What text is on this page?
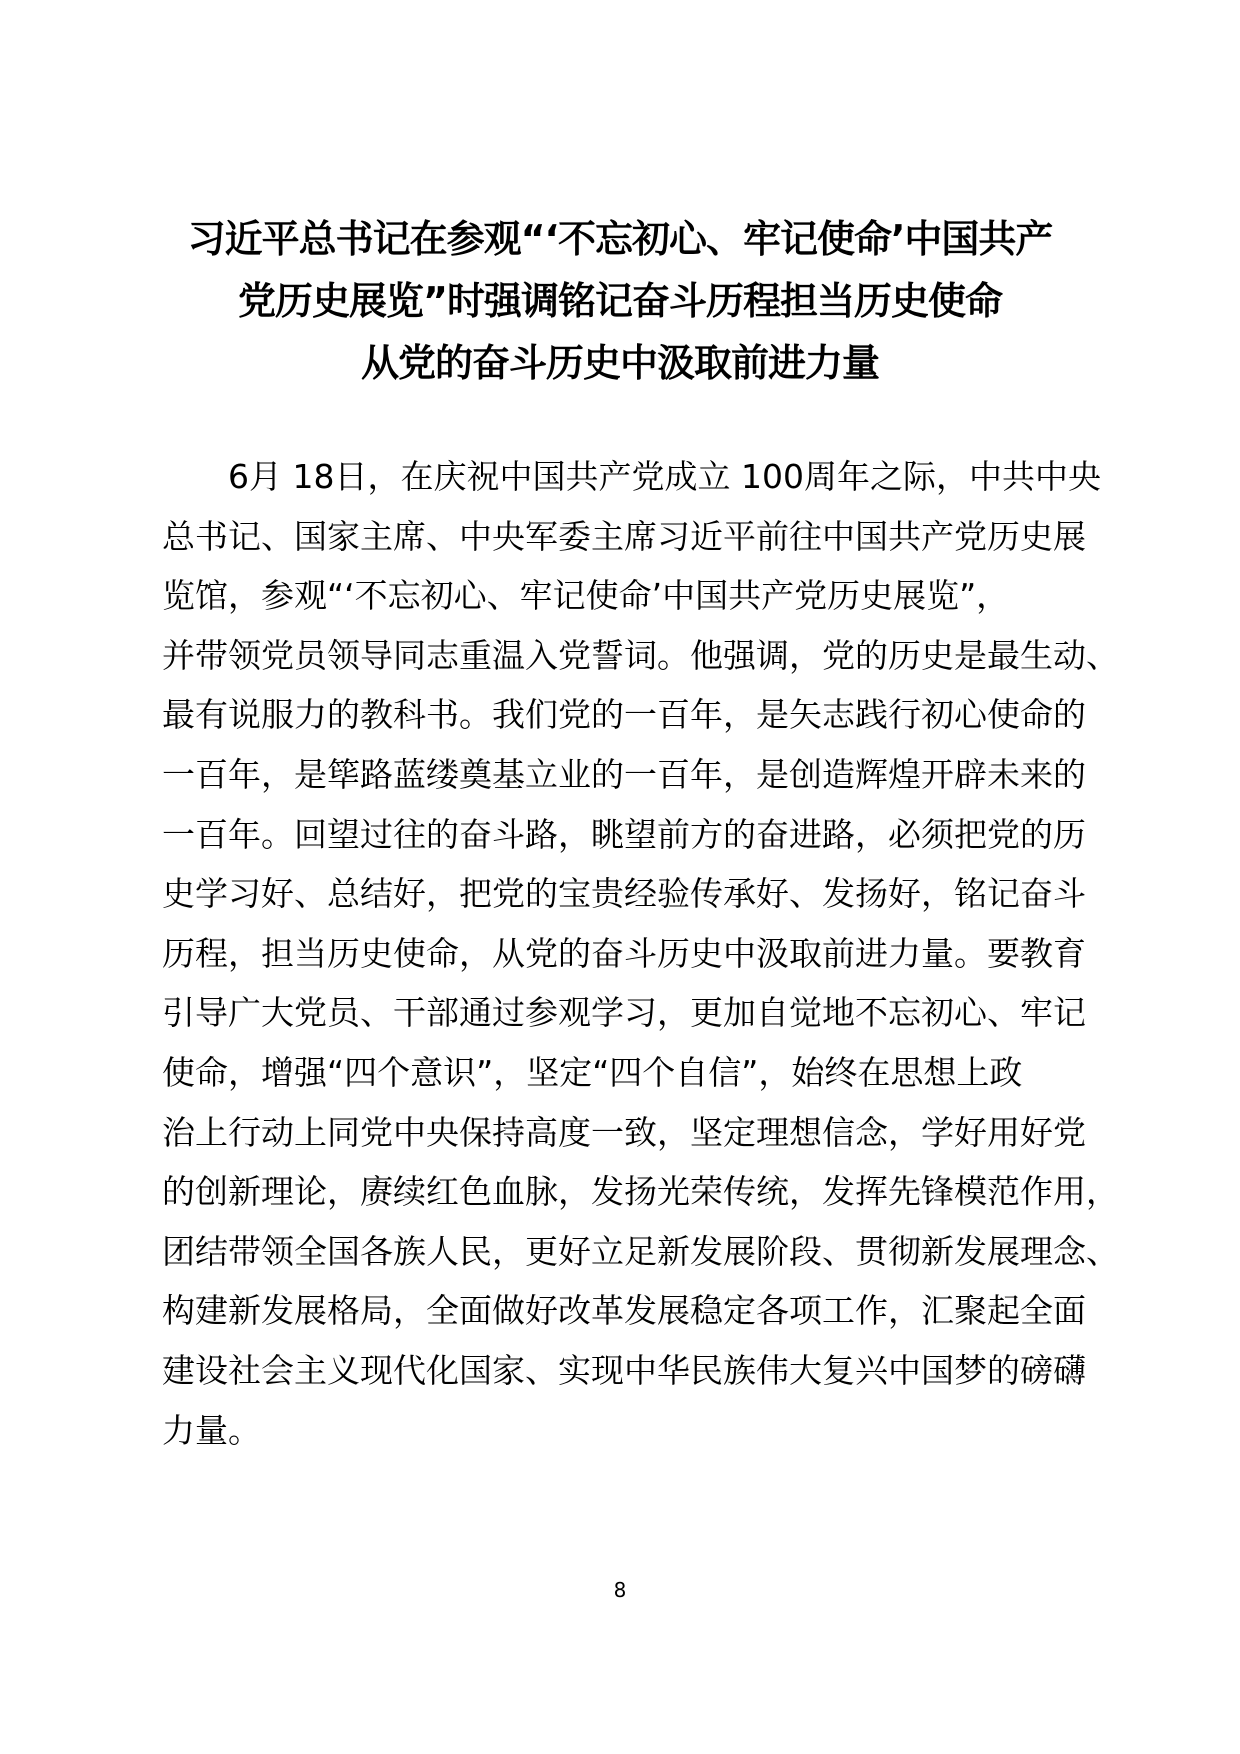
习近平总书记在参观“‘不忘初心、牢记使命’中国共产
党历史展览”时强调铭记奋斗历程担当历史使命
从党的奋斗历史中汲取前进力量
　　6月 18日，在庆祝中国共产党成立 100周年之际，中共中央
总书记、国家主席、中央军委主席习近平前往中国共产党历史展
览馆，参观“‘不忘初心、牢记使命’中国共产党历史展览”，
并带领党员领导同志重温入党誓词。他强调，党的历史是最生动、
最有说服力的教科书。我们党的一百年，是矢志践行初心使命的
一百年，是筚路蓝缕奠基立业的一百年，是创造辉煌开辟未来的
一百年。回望过往的奋斗路，眺望前方的奋进路，必须把党的历
史学习好、总结好，把党的宝贵经验传承好、发扬好，铭记奋斗
历程，担当历史使命，从党的奋斗历史中汲取前进力量。要教育
引导广大党员、干部通过参观学习，更加自觉地不忘初心、牢记
使命，增强“四个意识”，坚定“四个自信”，始终在思想上政
治上行动上同党中央保持高度一致，坚定理想信念，学好用好党
的创新理论，赓续红色血脉，发扬光荣传统，发挥先锋模范作用，
团结带领全国各族人民，更好立足新发展阶段、贯彻新发展理念、
构建新发展格局，全面做好改革发展稳定各项工作，汇聚起全面
建设社会主义现代化国家、实现中华民族伟大复兴中国梦的磅礴
力量。
8
